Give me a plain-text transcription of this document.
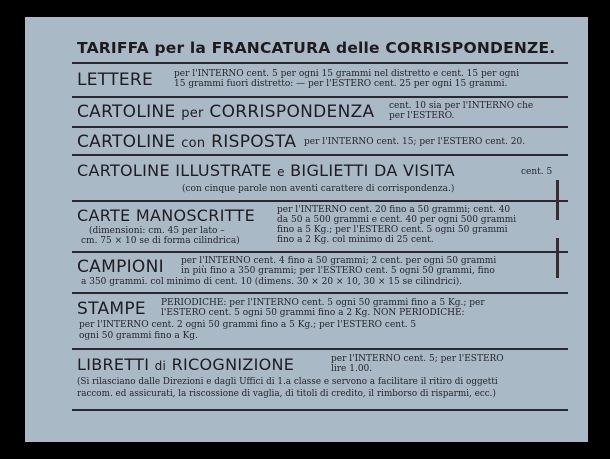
TARIFFA per la FRANCATURA delle CORRISPONDENZE.
LETTERE per l'INTERNO cent. 5 per ogni 15 grammi nel distretto e cent. 15 per ogni
15 grammi fuori distretto: — per l'ESTERO cent. 25 per ogni 15 grammi.
CARTOLINE per CORRISPONDENZA cent. 10 sia per l'INTERNO che
per l'ESTERO.
CARTOLINE con RISPOSTA per l'INTERNO cent. 15; per l'ESTERO cent. 20.
CARTOLINE ILLUSTRATE e BIGLIETTI DA VISITA	cent. 5
(con cinque parole non aventi carattere di corrispondenza.)
CARTE MANOSCRITTE
(dimensioni: cm. 45 per lato –
cm. 75 × 10 se di forma cilindrica)
per l'INTERNO cent. 20 fino a 50 grammi; cent. 40
da 50 a 500 grammi e cent. 40 per ogni 500 grammi
fino a 5 Kg.; per l'ESTERO cent. 5 ogni 50 grammi
fino a 2 Kg. col minimo di 25 cent.
CAMPIONI per l'INTERNO cent. 4 fino a 50 grammi; 2 cent. per ogni 50 grammi
in più fino a 350 grammi; per l'ESTERO cent. 5 ogni 50 grammi, fino
a 350 grammi. col minimo di cent. 10 (dimens. 30 × 20 × 10, 30 × 15 se cilindrici).
STAMPE PERIODICHE: per l'INTERNO cent. 5 ogni 50 grammi fino a 5 Kg.; per
l'ESTERO cent. 5 ogni 50 grammi fino a 2 Kg. NON PERIODICHE:
per l'INTERNO cent. 2 ogni 50 grammi fino a 5 Kg.; per l'ESTERO cent. 5
ogni 50 grammi fino a Kg.
LIBRETTI di RICOGNIZIONE	per l'INTERNO cent. 5; per l'ESTERO
lire 1.00.
(Si rilasciano dalle Direzioni e dagli Uffici di 1.a classe e servono a facilitare il ritiro di oggetti
raccom. ed assicurati, la riscossione di vaglia, di titoli di credito, il rimborso di risparmi, ecc.)
